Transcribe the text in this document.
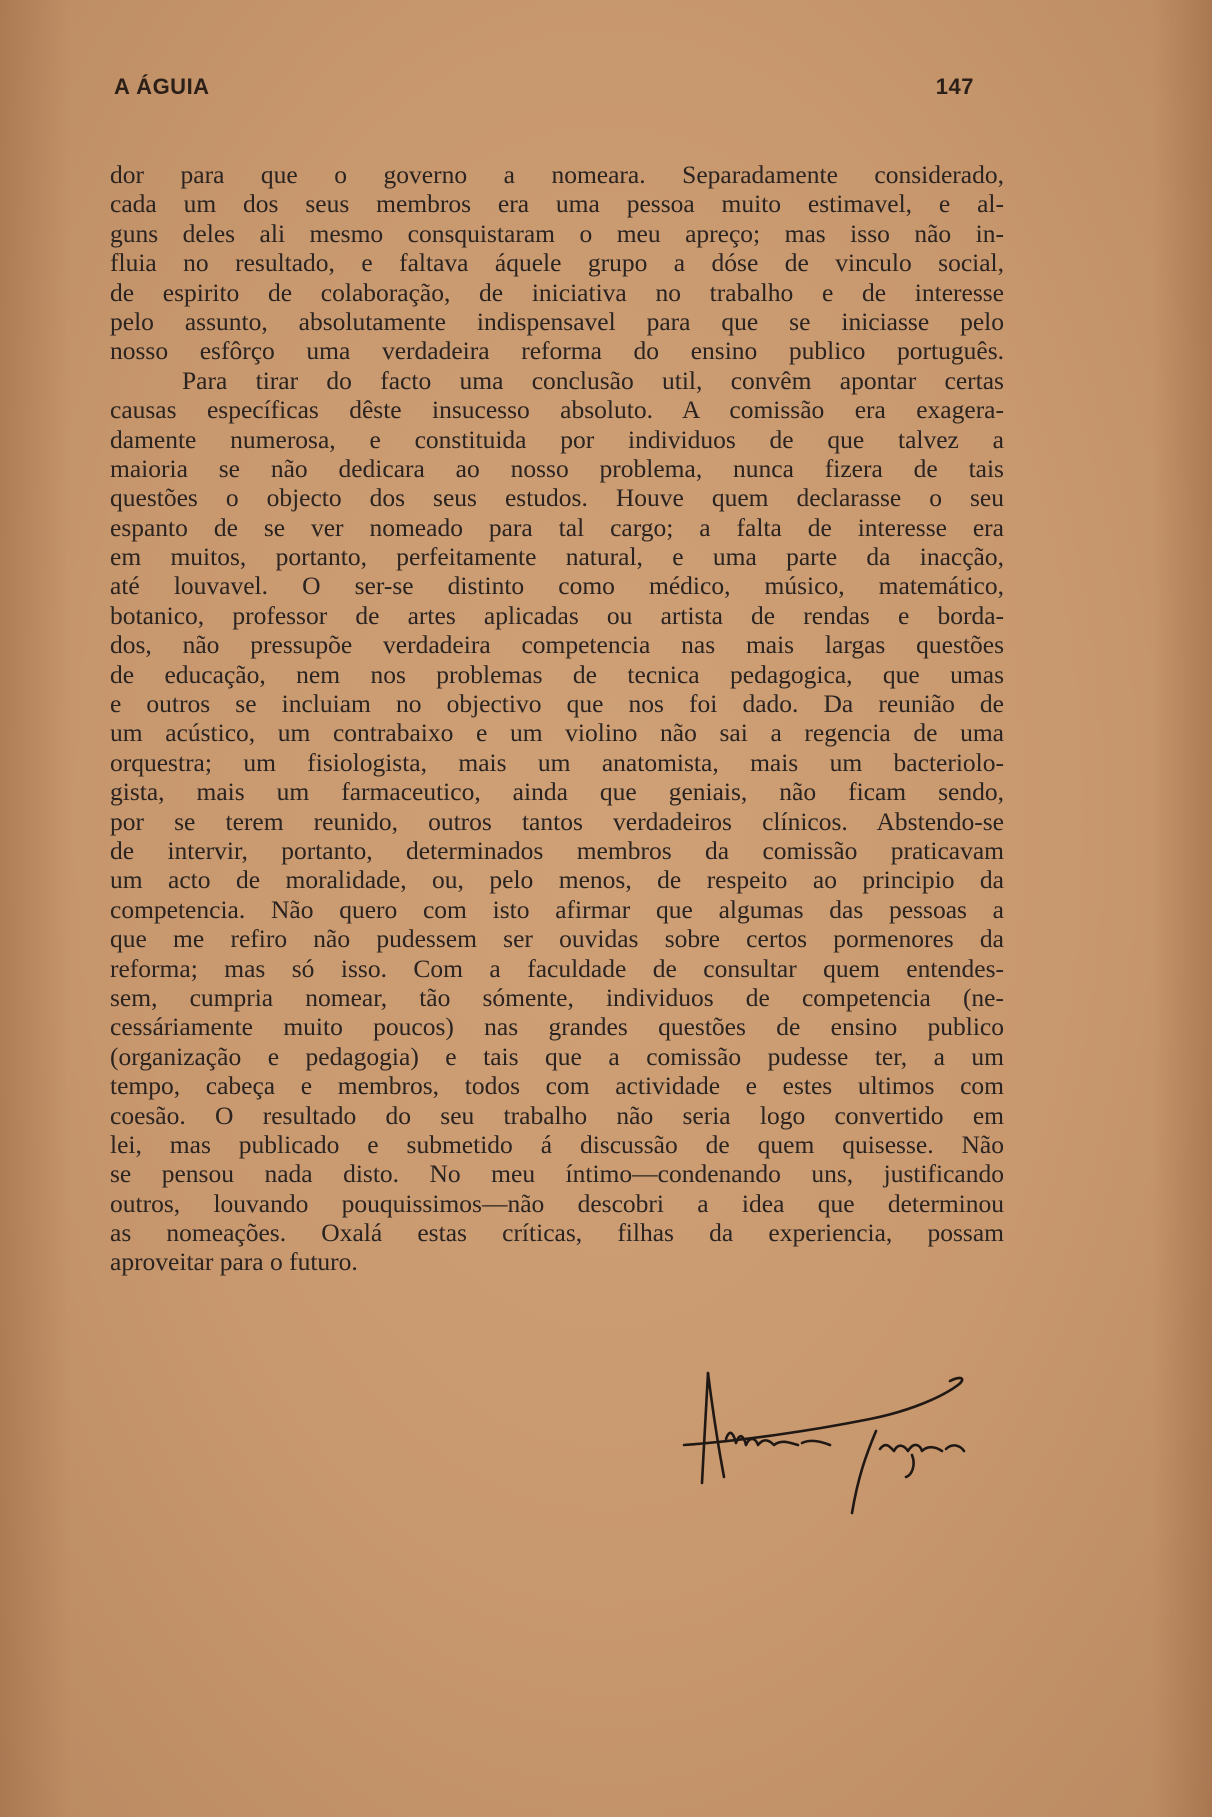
A ÁGUIA	147
dor para que o governo a nomeara. Separadamente considerado,
cada um dos seus membros era uma pessoa muito estimavel, e al-
guns deles ali mesmo consquistaram o meu apreço; mas isso não in-
fluia no resultado, e faltava áquele grupo a dóse de vinculo social,
de espirito de colaboração, de iniciativa no trabalho e de interesse
pelo assunto, absolutamente indispensavel para que se iniciasse pelo
nosso esfôrço uma verdadeira reforma do ensino publico português.
Para tirar do facto uma conclusão util, convêm apontar certas
causas específicas dêste insucesso absoluto. A comissão era exagera-
damente numerosa, e constituida por individuos de que talvez a
maioria se não dedicara ao nosso problema, nunca fizera de tais
questões o objecto dos seus estudos. Houve quem declarasse o seu
espanto de se ver nomeado para tal cargo; a falta de interesse era
em muitos, portanto, perfeitamente natural, e uma parte da inacção,
até louvavel. O ser-se distinto como médico, músico, matemático,
botanico, professor de artes aplicadas ou artista de rendas e borda-
dos, não pressupõe verdadeira competencia nas mais largas questões
de educação, nem nos problemas de tecnica pedagogica, que umas
e outros se incluiam no objectivo que nos foi dado. Da reunião de
um acústico, um contrabaixo e um violino não sai a regencia de uma
orquestra; um fisiologista, mais um anatomista, mais um bacteriolo-
gista, mais um farmaceutico, ainda que geniais, não ficam sendo,
por se terem reunido, outros tantos verdadeiros clínicos. Abstendo-se
de intervir, portanto, determinados membros da comissão praticavam
um acto de moralidade, ou, pelo menos, de respeito ao principio da
competencia. Não quero com isto afirmar que algumas das pessoas a
que me refiro não pudessem ser ouvidas sobre certos pormenores da
reforma; mas só isso. Com a faculdade de consultar quem entendes-
sem, cumpria nomear, tão sómente, individuos de competencia (ne-
cessáriamente muito poucos) nas grandes questões de ensino publico
(organização e pedagogia) e tais que a comissão pudesse ter, a um
tempo, cabeça e membros, todos com actividade e estes ultimos com
coesão. O resultado do seu trabalho não seria logo convertido em
lei, mas publicado e submetido á discussão de quem quisesse. Não
se pensou nada disto. No meu íntimo—condenando uns, justificando
outros, louvando pouquissimos—não descobri a idea que determinou
as nomeações. Oxalá estas críticas, filhas da experiencia, possam
aproveitar para o futuro.
